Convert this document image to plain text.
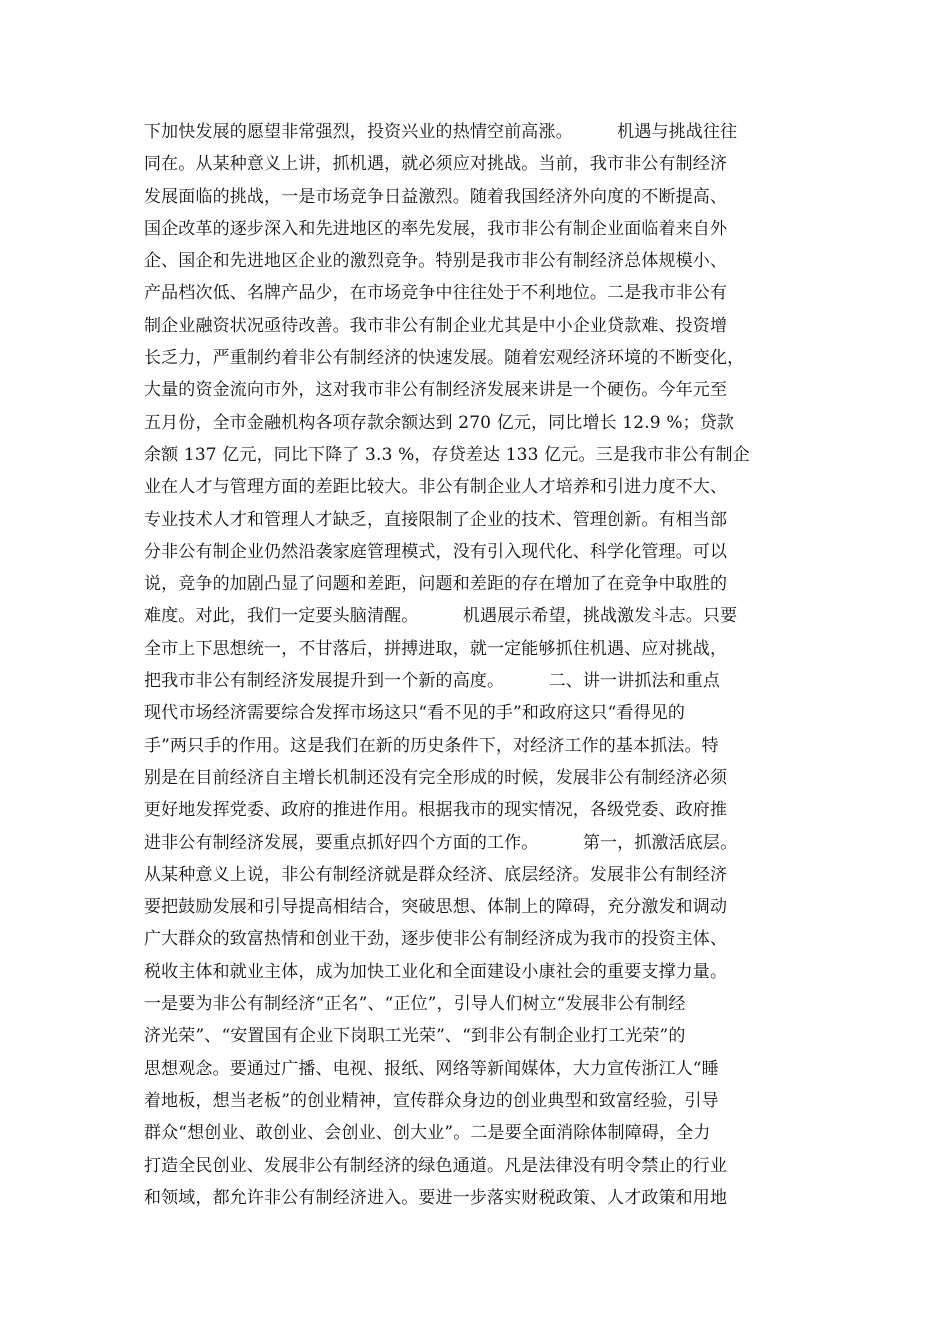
下加快发展的愿望非常强烈，投资兴业的热情空前高涨。        机遇与挑战往往
同在。从某种意义上讲，抓机遇，就必须应对挑战。当前，我市非公有制经济
发展面临的挑战，一是市场竞争日益激烈。随着我国经济外向度的不断提高、
国企改革的逐步深入和先进地区的率先发展，我市非公有制企业面临着来自外
企、国企和先进地区企业的激烈竞争。特别是我市非公有制经济总体规模小、
产品档次低、名牌产品少，在市场竞争中往往处于不利地位。二是我市非公有
制企业融资状况亟待改善。我市非公有制企业尤其是中小企业贷款难、投资增
长乏力，严重制约着非公有制经济的快速发展。随着宏观经济环境的不断变化，
大量的资金流向市外，这对我市非公有制经济发展来讲是一个硬伤。今年元至
五月份，全市金融机构各项存款余额达到 270 亿元，同比增长 12.9 %；贷款
余额 137 亿元，同比下降了 3.3 %，存贷差达 133 亿元。三是我市非公有制企
业在人才与管理方面的差距比较大。非公有制企业人才培养和引进力度不大、
专业技术人才和管理人才缺乏，直接限制了企业的技术、管理创新。有相当部
分非公有制企业仍然沿袭家庭管理模式，没有引入现代化、科学化管理。可以
说，竞争的加剧凸显了问题和差距，问题和差距的存在增加了在竞争中取胜的
难度。对此，我们一定要头脑清醒。        机遇展示希望，挑战激发斗志。只要
全市上下思想统一，不甘落后，拼搏进取，就一定能够抓住机遇、应对挑战，
把我市非公有制经济发展提升到一个新的高度。        二、讲一讲抓法和重点
现代市场经济需要综合发挥市场这只“看不见的手”和政府这只“看得见的
手”两只手的作用。这是我们在新的历史条件下，对经济工作的基本抓法。特
别是在目前经济自主增长机制还没有完全形成的时候，发展非公有制经济必须
更好地发挥党委、政府的推进作用。根据我市的现实情况，各级党委、政府推
进非公有制经济发展，要重点抓好四个方面的工作。        第一，抓激活底层。
从某种意义上说，非公有制经济就是群众经济、底层经济。发展非公有制经济
要把鼓励发展和引导提高相结合，突破思想、体制上的障碍，充分激发和调动
广大群众的致富热情和创业干劲，逐步使非公有制经济成为我市的投资主体、
税收主体和就业主体，成为加快工业化和全面建设小康社会的重要支撑力量。
一是要为非公有制经济“正名”、“正位”，引导人们树立“发展非公有制经
济光荣”、“安置国有企业下岗职工光荣”、“到非公有制企业打工光荣”的
思想观念。要通过广播、电视、报纸、网络等新闻媒体，大力宣传浙江人“睡
着地板，想当老板”的创业精神，宣传群众身边的创业典型和致富经验，引导
群众“想创业、敢创业、会创业、创大业”。二是要全面消除体制障碍，全力
打造全民创业、发展非公有制经济的绿色通道。凡是法律没有明令禁止的行业
和领域，都允许非公有制经济进入。要进一步落实财税政策、人才政策和用地
